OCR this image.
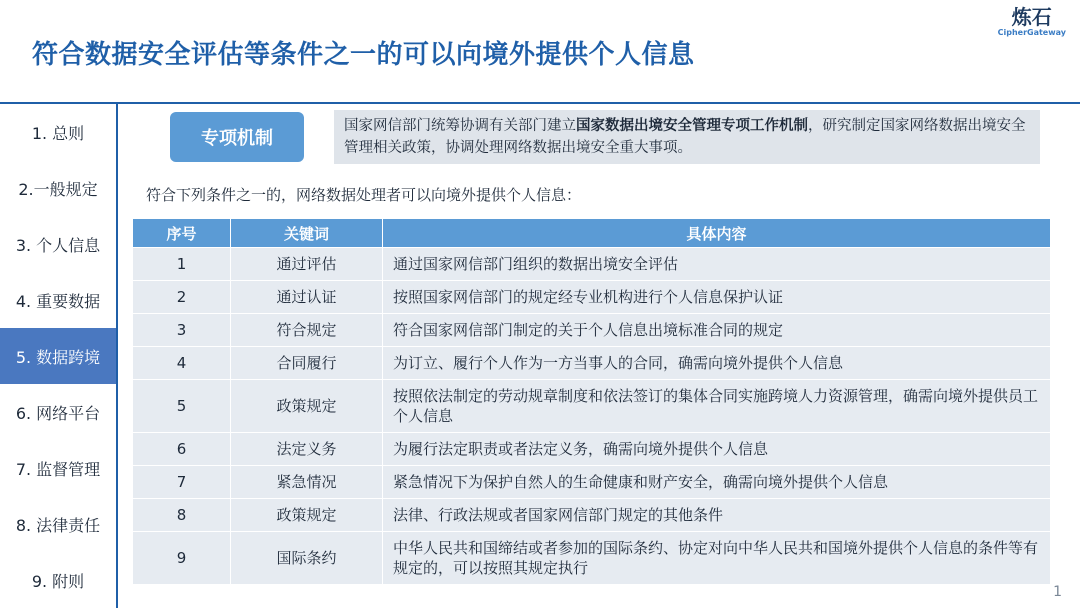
符合数据安全评估等条件之一的可以向境外提供个人信息
炼石
CipherGateway
1. 总则
2.一般规定
3. 个人信息
4. 重要数据
5. 数据跨境
6. 网络平台
7. 监督管理
8. 法律责任
9. 附则
专项机制
国家网信部门统筹协调有关部门建立国家数据出境安全管理专项工作机制，研究制定国家网络数据出境安全管理相关政策，协调处理网络数据出境安全重大事项。
符合下列条件之一的，网络数据处理者可以向境外提供个人信息：
序号	关键词	具体内容
1	通过评估	通过国家网信部门组织的数据出境安全评估
2	通过认证	按照国家网信部门的规定经专业机构进行个人信息保护认证
3	符合规定	符合国家网信部门制定的关于个人信息出境标准合同的规定
4	合同履行	为订立、履行个人作为一方当事人的合同，确需向境外提供个人信息
5	政策规定	按照依法制定的劳动规章制度和依法签订的集体合同实施跨境人力资源管理，确需向境外提供员工个人信息
6	法定义务	为履行法定职责或者法定义务，确需向境外提供个人信息
7	紧急情况	紧急情况下为保护自然人的生命健康和财产安全，确需向境外提供个人信息
8	政策规定	法律、行政法规或者国家网信部门规定的其他条件
9	国际条约	中华人民共和国缔结或者参加的国际条约、协定对向中华人民共和国境外提供个人信息的条件等有规定的，可以按照其规定执行
1
